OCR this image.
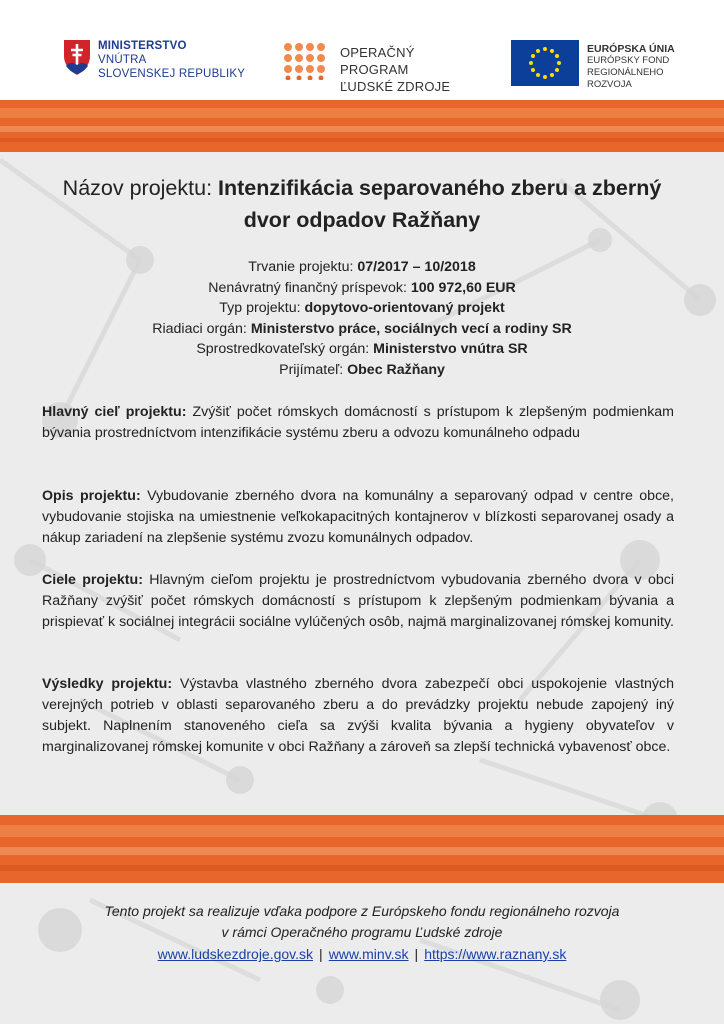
MINISTERSTVO
VNÚTRA
SLOVENSKEJ REPUBLIKY
OPERAČNÝ PROGRAM
ĽUDSKÉ ZDROJE
EURÓPSKA ÚNIA
EURÓPSKY FOND
REGIONÁLNEHO ROZVOJA
Názov projektu: Intenzifikácia separovaného zberu a zberný dvor odpadov Ražňany
Trvanie projektu: 07/2017 – 10/2018
Nenávratný finančný príspevok: 100 972,60 EUR
Typ projektu: dopytovo-orientovaný projekt
Riadiaci orgán: Ministerstvo práce, sociálnych vecí a rodiny SR
Sprostredkovateľský orgán: Ministerstvo vnútra SR
Prijímateľ: Obec Ražňany
Hlavný cieľ projektu: Zvýšiť počet rómskych domácností s prístupom k zlepšeným podmienkam bývania prostredníctvom intenzifikácie systému zberu a odvozu komunálneho odpadu
Opis projektu: Vybudovanie zberného dvora na komunálny a separovaný odpad v centre obce, vybudovanie stojiska na umiestnenie veľkokapacitných kontajnerov v blízkosti separovanej osady a nákup zariadení na zlepšenie systému zvozu komunálnych odpadov.
Ciele projektu: Hlavným cieľom projektu je prostredníctvom vybudovania zberného dvora v obci Ražňany zvýšiť počet rómskych domácností s prístupom k zlepšeným podmienkam bývania a prispievať k sociálnej integrácii sociálne vylúčených osôb, najmä marginalizovanej rómskej komunity.
Výsledky projektu: Výstavba vlastného zberného dvora zabezpečí obci uspokojenie vlastných verejných potrieb v oblasti separovaného zberu a do prevádzky projektu nebude zapojený iný subjekt. Naplnením stanoveného cieľa sa zvýši kvalita bývania a hygieny obyvateľov v marginalizovanej rómskej komunite v obci Ražňany a zároveň sa zlepší technická vybavenosť obce.
Tento projekt sa realizuje vďaka podpore z Európskeho fondu regionálneho rozvoja
v rámci Operačného programu Ľudské zdroje
www.ludskezdroje.gov.sk | www.minv.sk | https://www.raznany.sk
